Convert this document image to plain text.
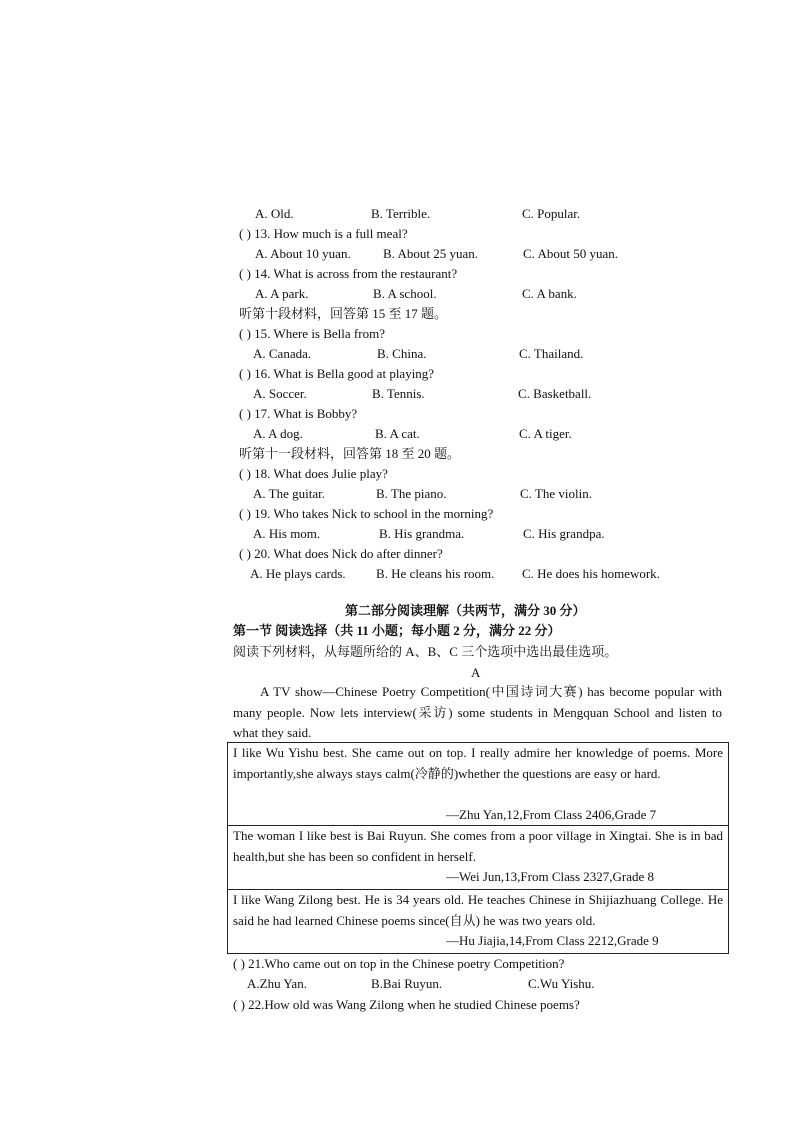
A. Old.	B. Terrible.	C. Popular.
( ) 13. How much is a full meal?
A. About 10 yuan. B. About 25 yuan.	C. About 50 yuan.
( ) 14. What is across from the restaurant?
A. A park.	B. A school.	C. A bank.
听第十段材料，回答第 15 至 17 题。
( ) 15. Where is Bella from?
A. Canada.	B. China.	C. Thailand.
( ) 16. What is Bella good at playing?
A. Soccer.	B. Tennis.	C. Basketball.
( ) 17. What is Bobby?
A. A dog.	B. A cat.	C. A tiger.
听第十一段材料，回答第 18 至 20 题。
( ) 18. What does Julie play?
A. The guitar.	B. The piano.	C. The violin.
( ) 19. Who takes Nick to school in the morning?
A. His mom.	B. His grandma.	C. His grandpa.
( ) 20. What does Nick do after dinner?
A. He plays cards. B. He cleans his room. C. He does his homework.
第二部分阅读理解（共两节，满分 30 分）
第一节 阅读选择（共 11 小题；每小题 2 分，满分 22 分）
阅读下列材料，从每题所给的 A、B、C 三个选项中选出最佳选项。
A
A TV show—Chinese Poetry Competition(中国诗词大赛) has become popular with many people. Now lets interview(采访) some students in Mengquan School and listen to what they said.
I like Wu Yishu best. She came out on top. I really admire her knowledge of poems. More importantly,she always stays calm(冷静的)whether the questions are easy or hard.
—Zhu Yan,12,From Class 2406,Grade 7
The woman I like best is Bai Ruyun. She comes from a poor village in Xingtai. She is in bad health,but she has been so confident in herself.
—Wei Jun,13,From Class 2327,Grade 8
I like Wang Zilong best. He is 34 years old. He teaches Chinese in Shijiazhuang College. He said he had learned Chinese poems since(自从) he was two years old.
—Hu Jiajia,14,From Class 2212,Grade 9
( ) 21.Who came out on top in the Chinese poetry Competition?
A.Zhu Yan.	B.Bai Ruyun.	C.Wu Yishu.
( ) 22.How old was Wang Zilong when he studied Chinese poems?
